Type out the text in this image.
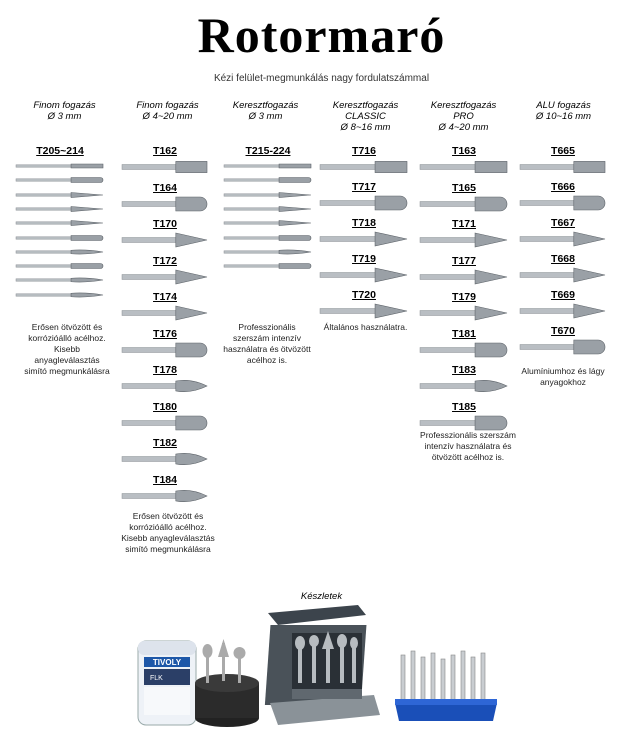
Rotormaró
Kézi felület-megmunkálás nagy fordulatszámmal
Finom fogazás
Ø 3 mm
Finom fogazás
Ø 4~20 mm
Keresztfogazás
Ø 3 mm
Keresztfogazás
CLASSIC
Ø 8~16 mm
Keresztfogazás
PRO
Ø 4~20 mm
ALU fogazás
Ø 10~16 mm
T205~214	T162
T164
T170
T172
T174
T176
T178
T180
T182
T184
T215-224	T716
T717
T718
T719
T720
T163
T165
T171
T177
T179
T181
T183
T185
T665
T666
T667
T668
T669
T670
Erősen ötvözött és korrózióálló acélhoz. Kisebb anyagleválasztás simító megmunkálásra
Erősen ötvözött és korrózióálló acélhoz. Kisebb anyagleválasztás simító megmunkálásra
Professzionális szerszám intenzív használatra és ötvözött acélhoz is.
Általános használatra.
Professzionális szerszám intenzív használatra és ötvözött acélhoz is.
Alumíniumhoz és lágy anyagokhoz
Készletek
TIVOLY
FLK
